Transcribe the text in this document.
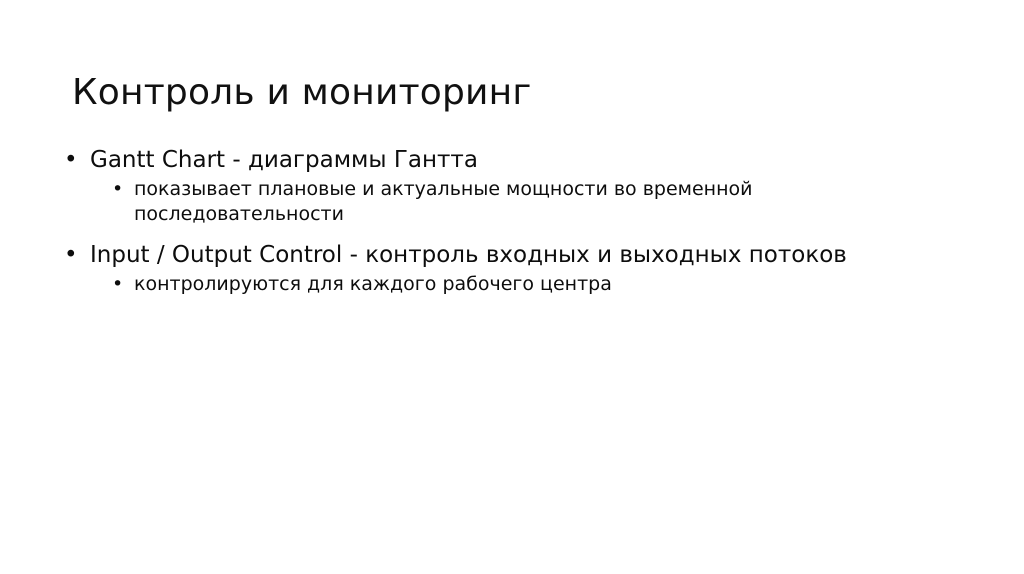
Контроль и мониторинг
• Gantt Chart - диаграммы Гантта
• показывает плановые и актуальные мощности во временной последовательности
• Input / Output Control - контроль входных и выходных потоков
• контролируются для каждого рабочего центра
